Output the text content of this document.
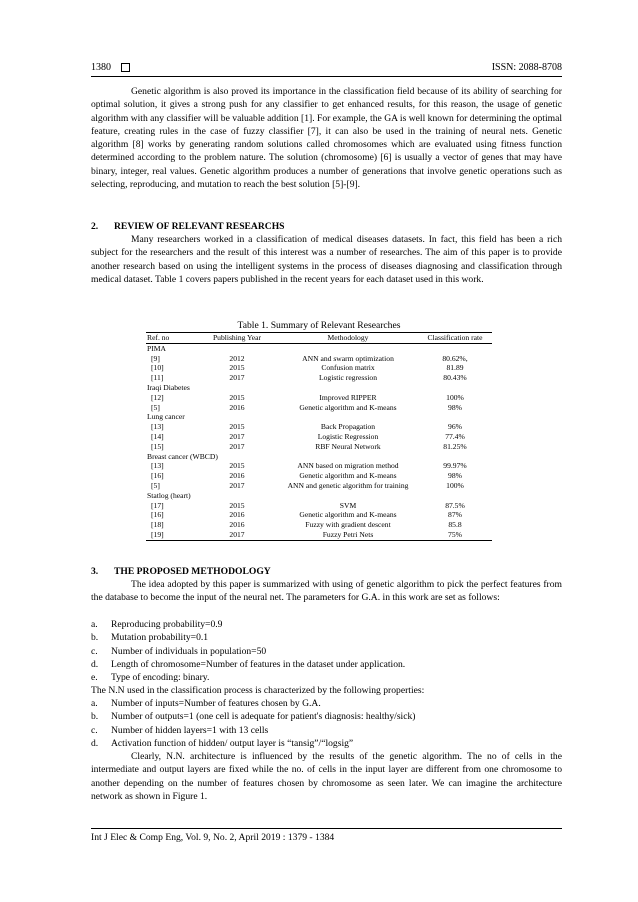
1380	ISSN: 2088-8708
Genetic algorithm is also proved its importance in the classification field because of its ability of searching for optimal solution, it gives a strong push for any classifier to get enhanced results, for this reason, the usage of genetic algorithm with any classifier will be valuable addition [1]. For example, the GA is well known for determining the optimal feature, creating rules in the case of fuzzy classifier [7], it can also be used in the training of neural nets. Genetic algorithm [8] works by generating random solutions called chromosomes which are evaluated using fitness function determined according to the problem nature. The solution (chromosome) [6] is usually a vector of genes that may have binary, integer, real values. Genetic algorithm produces a number of generations that involve genetic operations such as selecting, reproducing, and mutation to reach the best solution [5]-[9].
2. REVIEW OF RELEVANT RESEARCHS
Many researchers worked in a classification of medical diseases datasets. In fact, this field has been a rich subject for the researchers and the result of this interest was a number of researches. The aim of this paper is to provide another research based on using the intelligent systems in the process of diseases diagnosing and classification through medical dataset. Table 1 covers papers published in the recent years for each dataset used in this work.
Table 1. Summary of Relevant Researches
Ref. no	Publishing Year	Methodology	Classification rate
PIMA			
[9]	2012	ANN and swarm optimization	80.62%,
[10]	2015	Confusion matrix	81.89
[11]	2017	Logistic regression	80.43%
Iraqi Diabetes			
[12]	2015	Improved RIPPER	100%
[5]	2016	Genetic algorithm and K-means	98%
Lung cancer			
[13]	2015	Back Propagation	96%
[14]	2017	Logistic Regression	77.4%
[15]	2017	RBF Neural Network	81.25%
Breast cancer (WBCD)			
[13]	2015	ANN based on migration method	99.97%
[16]	2016	Genetic algorithm and K-means	98%
[5]	2017	ANN and genetic algorithm for training	100%
Statlog (heart)			
[17]	2015	SVM	87.5%
[16]	2016	Genetic algorithm and K-means	87%
[18]	2016	Fuzzy with gradient descent	85.8
[19]	2017	Fuzzy Petri Nets	75%
3. THE PROPOSED METHODOLOGY
The idea adopted by this paper is summarized with using of genetic algorithm to pick the perfect features from the database to become the input of the neural net. The parameters for G.A. in this work are set as follows:
a. Reproducing probability=0.9
b. Mutation probability=0.1
c. Number of individuals in population=50
d. Length of chromosome=Number of features in the dataset under application.
e. Type of encoding: binary.
The N.N used in the classification process is characterized by the following properties:
a. Number of inputs=Number of features chosen by G.A.
b. Number of outputs=1 (one cell is adequate for patient's diagnosis: healthy/sick)
c. Number of hidden layers=1 with 13 cells
d. Activation function of hidden/ output layer is “tansig”/“logsig”
Clearly, N.N. architecture is influenced by the results of the genetic algorithm. The no of cells in the intermediate and output layers are fixed while the no. of cells in the input layer are different from one chromosome to another depending on the number of features chosen by chromosome as seen later. We can imagine the architecture network as shown in Figure 1.
Int J Elec & Comp Eng, Vol. 9, No. 2, April 2019 : 1379 - 1384
